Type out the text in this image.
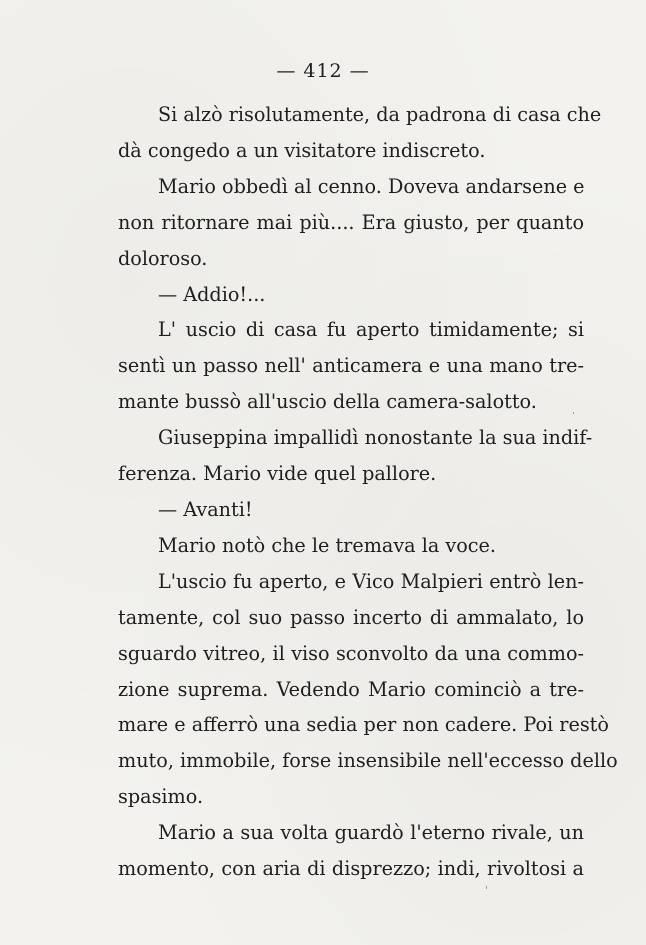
— 412 —

Si alzò risolutamente, da padrona di casa che
dà congedo a un visitatore indiscreto.

Mario obbedì al cenno. Doveva andarsene e
non ritornare mai più.... Era giusto, per quanto
doloroso.

— Addio!...

L' uscio di casa fu aperto timidamente; si
sentì un passo nell' anticamera e una mano tre-
mante bussò all'uscio della camera-salotto.

Giuseppina impallidì nonostante la sua indif-
ferenza. Mario vide quel pallore.

— Avanti!

Mario notò che le tremava la voce.

L'uscio fu aperto, e Vico Malpieri entrò len-
tamente, col suo passo incerto di ammalato, lo
sguardo vitreo, il viso sconvolto da una commo-
zione suprema. Vedendo Mario cominciò a tre-
mare e afferrò una sedia per non cadere. Poi restò
muto, immobile, forse insensibile nell'eccesso dello
spasimo.

Mario a sua volta guardò l'eterno rivale, un
momento, con aria di disprezzo; indi, rivoltosi a
